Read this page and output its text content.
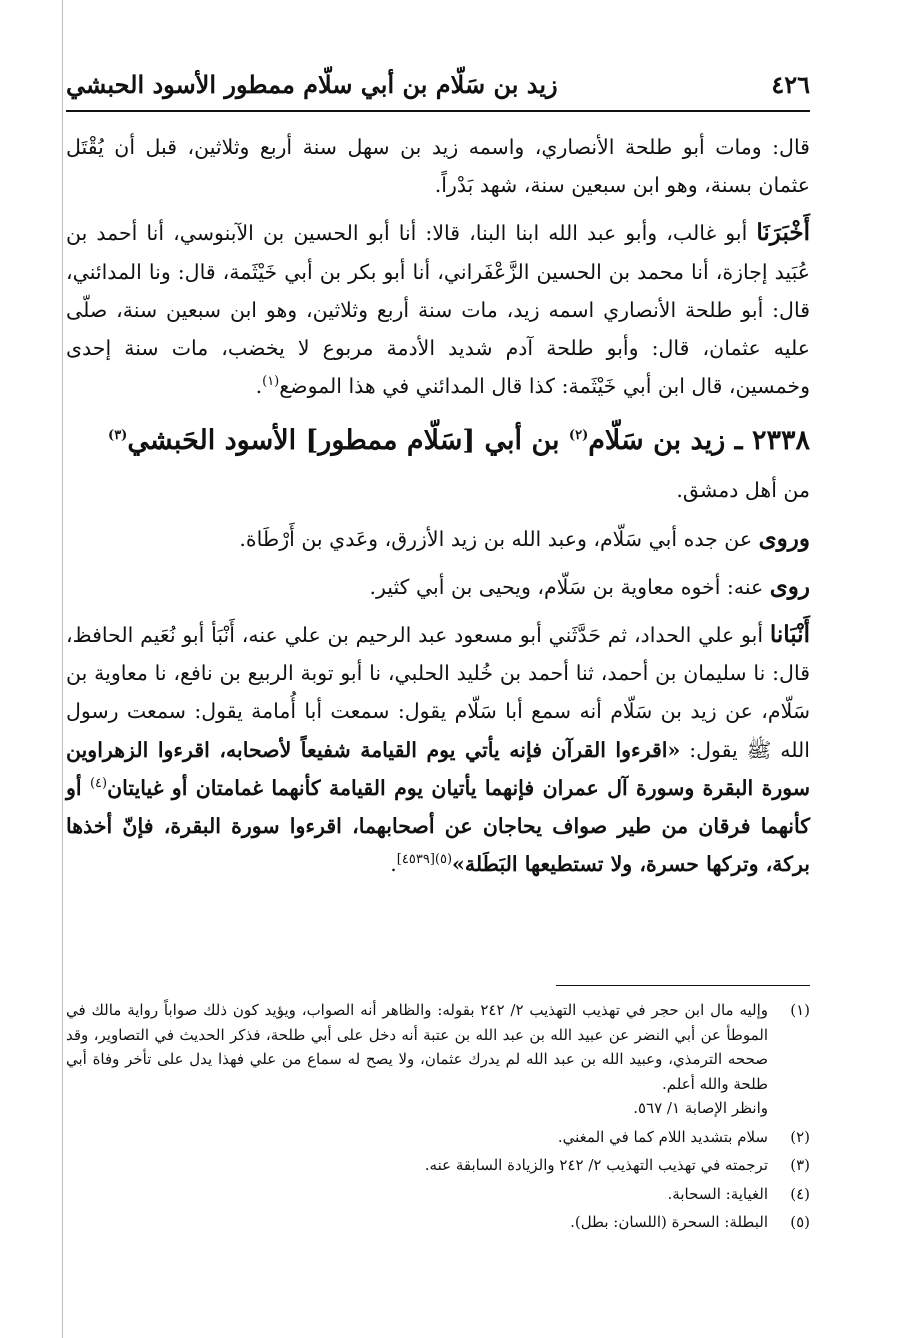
٤٢٦
زيد بن سَلّام بن أبي سلّام ممطور الأسود الحبشي

قال: ومات أبو طلحة الأنصاري، واسمه زيد بن سهل سنة أربع وثلاثين، قبل أن يُقْتَل عثمان بسنة، وهو ابن سبعين سنة، شهد بَدْراً.

أَخْبَرَنَا أبو غالب، وأبو عبد الله ابنا البنا، قالا: أنا أبو الحسين بن الآبنوسي، أنا أحمد بن عُبَيد إجازة، أنا محمد بن الحسين الزَّعْفَراني، أنا أبو بكر بن أبي خَيْثَمة، قال: ونا المدائني، قال: أبو طلحة الأنصاري اسمه زيد، مات سنة أربع وثلاثين، وهو ابن سبعين سنة، صلّى عليه عثمان، قال: وأبو طلحة آدم شديد الأدمة مربوع لا يخضب، مات سنة إحدى وخمسين، قال ابن أبي خَيْثَمة: كذا قال المدائني في هذا الموضع$^{(١)}$.

٢٣٣٨ ـ زيد بن سَلّام$^{(٢)}$ بن أبي [سَلّام ممطور] الأسود الحَبشي$^{(٣)}$

من أهل دمشق.

وروى عن جده أبي سَلّام، وعبد الله بن زيد الأزرق، وعَدي بن أَرْطَاة.

روى عنه: أخوه معاوية بن سَلّام، ويحيى بن أبي كثير.

أَنْبَانا أبو علي الحداد، ثم حَدَّثَني أبو مسعود عبد الرحيم بن علي عنه، أَنْبَأ أبو نُعَيم الحافظ، قال: نا سليمان بن أحمد، ثنا أحمد بن خُليد الحلبي، نا أبو توبة الربيع بن نافع، نا معاوية بن سَلّام، عن زيد بن سَلّام أنه سمع أبا سَلّام يقول: سمعت أبا أُمامة يقول: سمعت رسول الله ﷺ يقول: «اقرءوا القرآن فإنه يأتي يوم القيامة شفيعاً لأصحابه، اقرءوا الزهراوين سورة البقرة وسورة آل عمران فإنهما يأتيان يوم القيامة كأنهما غمامتان أو غيايتان$^{(٤)}$ أو كأنهما فرقان من طير صواف يحاجان عن أصحابهما، اقرءوا سورة البقرة، فإنّ أخذها بركة، وتركها حسرة، ولا تستطيعها البَطَلة»$^{(٥)[٤٥٣٩]}$.

(١)
وإليه مال ابن حجر في تهذيب التهذيب ٢/ ٢٤٢ بقوله: والظاهر أنه الصواب، ويؤيد كون ذلك صواباً رواية مالك في الموطأ عن أبي النضر عن عبيد الله بن عبد الله بن عتبة أنه دخل على أبي طلحة، فذكر الحديث في التصاوير، وقد صححه الترمذي، وعبيد الله بن عبد الله لم يدرك عثمان، ولا يصح له سماع من علي فهذا يدل على تأخر وفاة أبي طلحة والله أعلم.
وانظر الإصابة ١/ ٥٦٧.
(٢)
سلام بتشديد اللام كما في المغني.
(٣)
ترجمته في تهذيب التهذيب ٢/ ٢٤٢ والزيادة السابقة عنه.
(٤)
الغياية: السحابة.
(٥)
البطلة: السحرة (اللسان: بطل).
